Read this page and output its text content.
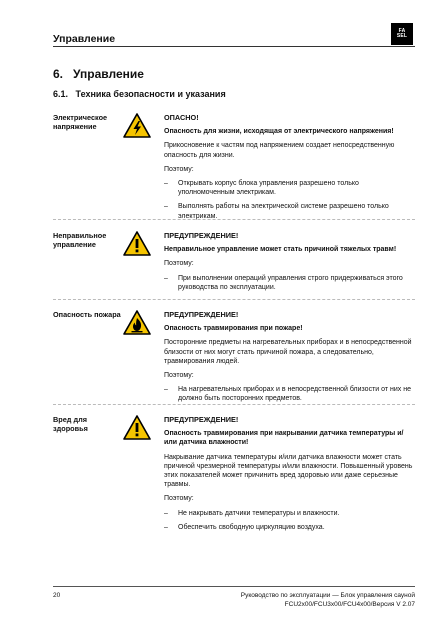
Управление
FA
SEL
6. Управление
6.1. Техника безопасности и указания
Электрическое напряжение

ОПАСНО!

Опасность для жизни, исходящая от электрического напряжения!

Прикосновение к частям под напряжением создает непосредственную опасность для жизни.

Поэтому:

–	Открывать корпус блока управления разрешено только уполномоченным электрикам.
–	Выполнять работы на электрической системе разрешено только электрикам.
Неправильное управление

ПРЕДУПРЕЖДЕНИЕ!

Неправильное управление может стать причиной тяжелых травм!

Поэтому:

–	При выполнении операций управления строго придерживаться этого руководства по эксплуатации.
Опасность пожара	ПРЕДУПРЕЖДЕНИЕ!

Опасность травмирования при пожаре!

Посторонние предметы на нагревательных приборах и в непосредственной близости от них могут стать причиной пожара, а следовательно, травмирования людей.

Поэтому:

–	На нагревательных приборах и в непосредственной близости от них не должно быть посторонних предметов.
Вред для здоровья

ПРЕДУПРЕЖДЕНИЕ!

Опасность травмирования при накрывании датчика температуры и/или датчика влажности!

Накрывание датчика температуры и/или датчика влажности может стать причиной чрезмерной температуры и/или влажности. Повышенный уровень этих показателей может причинить вред здоровью или даже серьезные травмы.

Поэтому:

–	Не накрывать датчики температуры и влажности.
–	Обеспечить свободную циркуляцию воздуха.
20	Руководство по эксплуатации — Блок управления сауной
FCU2x00/FCU3x00/FCU4x00/Версия V 2.07
